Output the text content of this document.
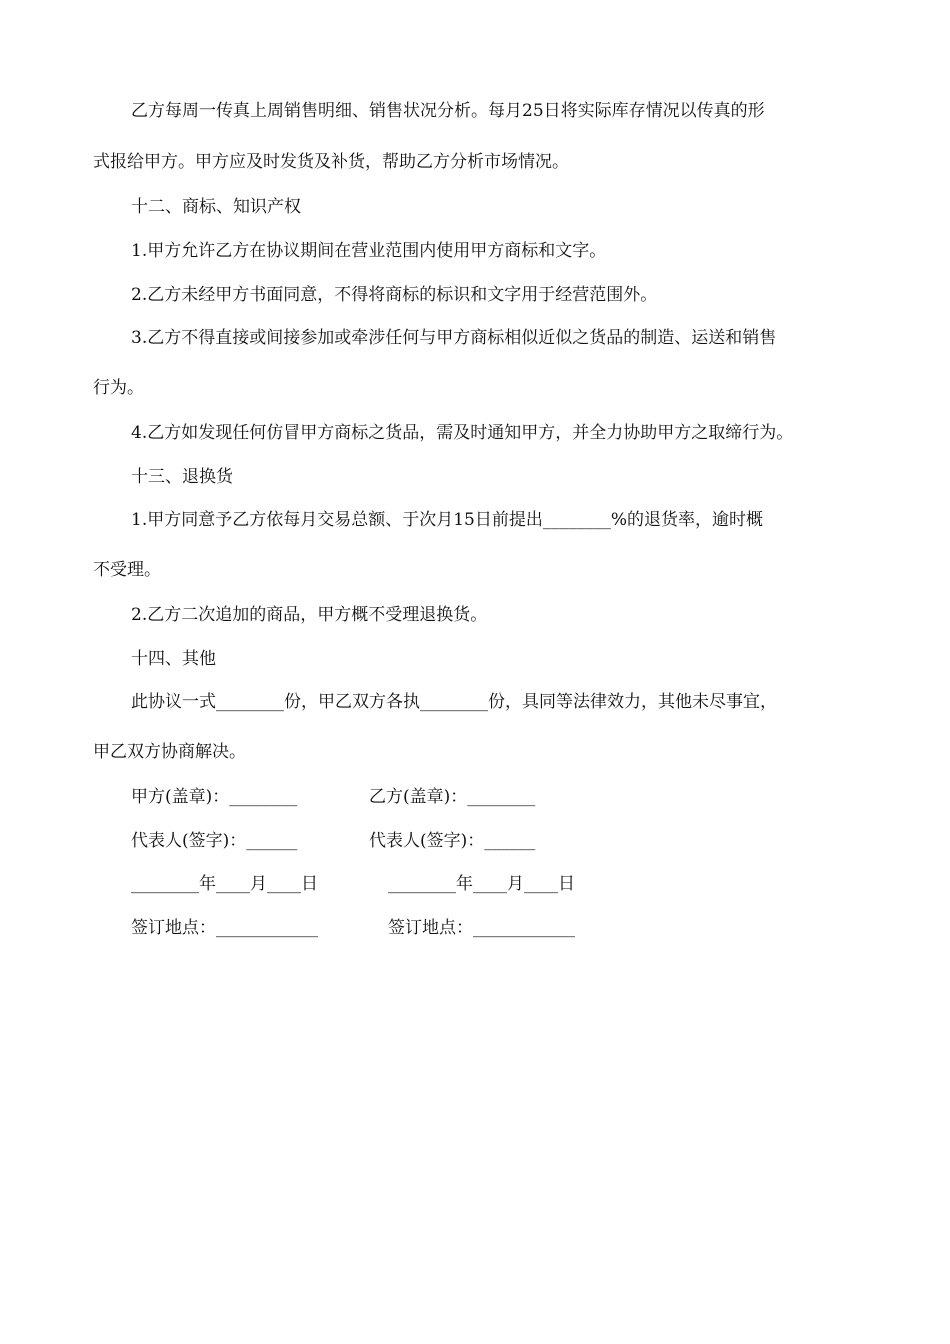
乙方每周一传真上周销售明细、销售状况分析。每月25日将实际库存情况以传真的形
式报给甲方。甲方应及时发货及补货，帮助乙方分析市场情况。
十二、商标、知识产权
1.甲方允许乙方在协议期间在营业范围内使用甲方商标和文字。
2.乙方未经甲方书面同意，不得将商标的标识和文字用于经营范围外。
3.乙方不得直接或间接参加或牵涉任何与甲方商标相似近似之货品的制造、运送和销售
行为。
4.乙方如发现任何仿冒甲方商标之货品，需及时通知甲方，并全力协助甲方之取缔行为。
十三、退换货
1.甲方同意予乙方依每月交易总额、于次月15日前提出________%的退货率，逾时概
不受理。
2.乙方二次追加的商品，甲方概不受理退换货。
十四、其他
此协议一式________份，甲乙双方各执________份，具同等法律效力，其他未尽事宜，
甲乙双方协商解决。
甲方(盖章)：________	乙方(盖章)：________
代表人(签字)：______	代表人(签字)：______
________年____月____日	________年____月____日
签订地点：____________	签订地点：____________
